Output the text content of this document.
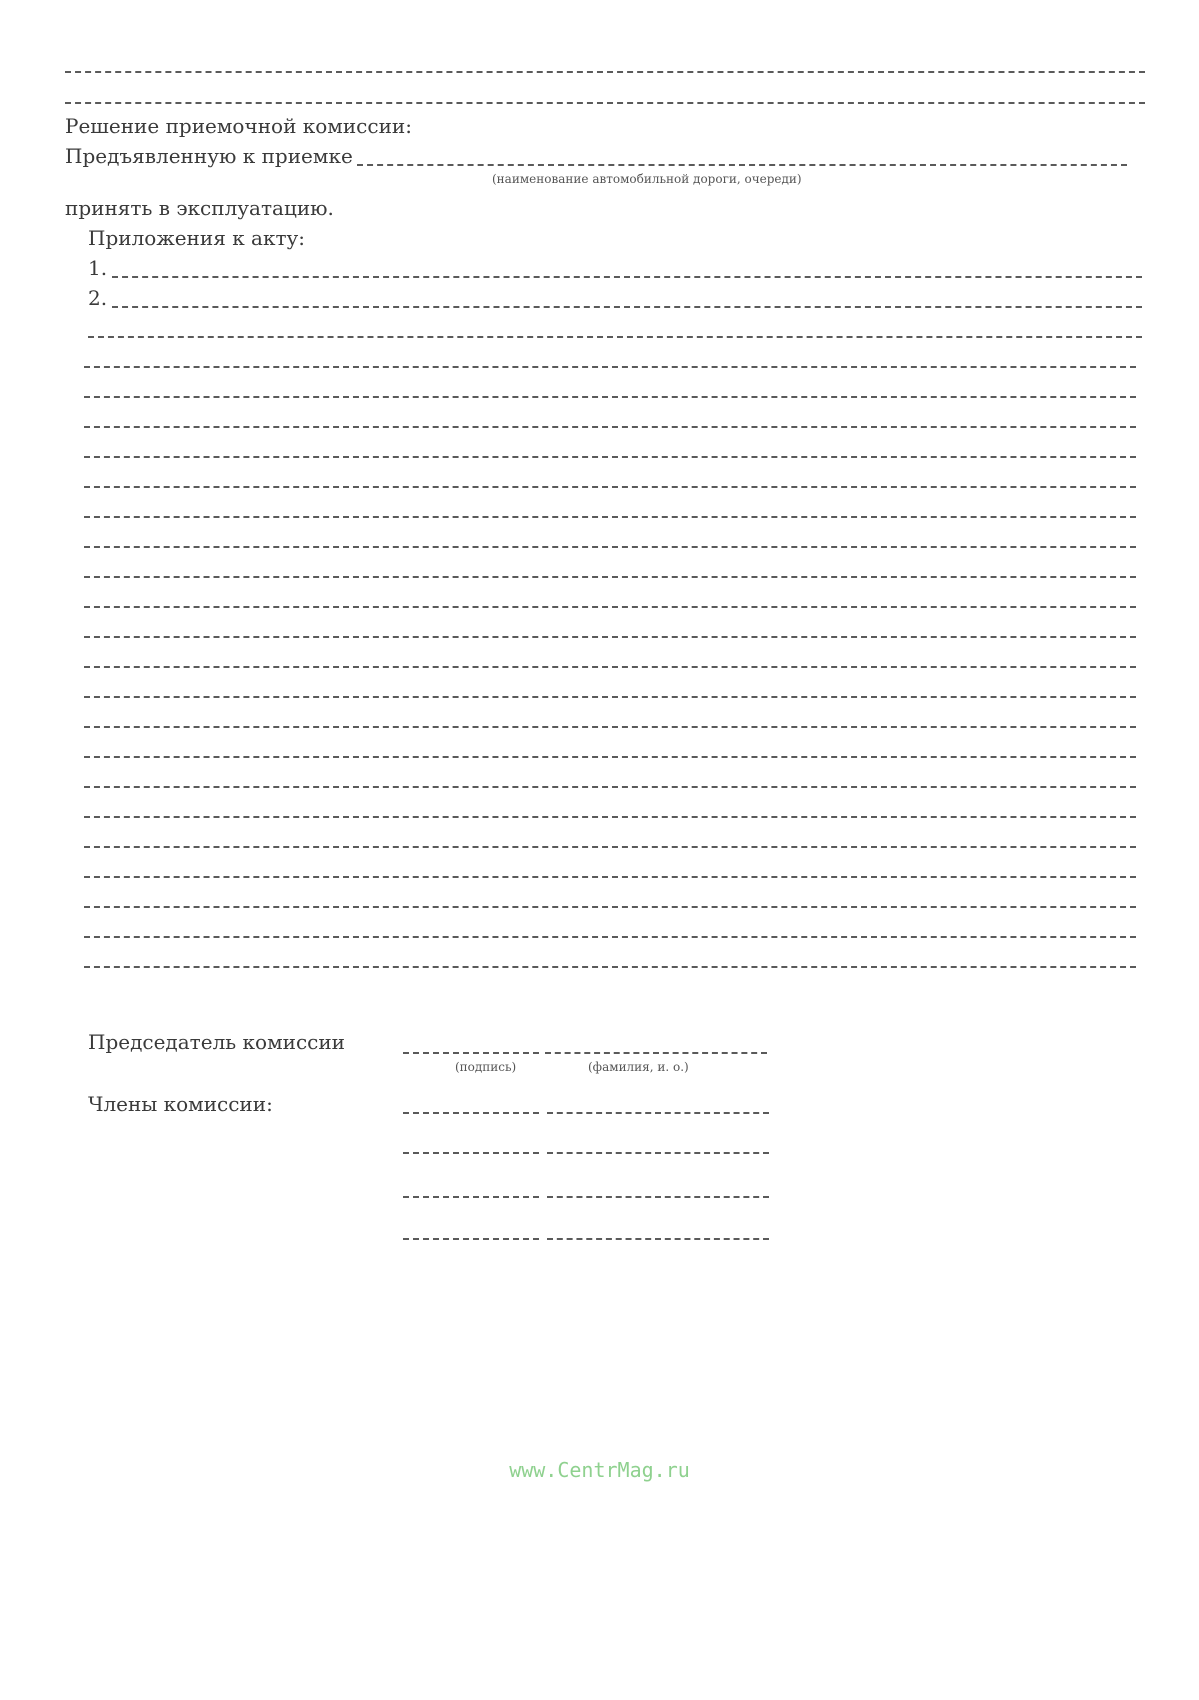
Решение приемочной комиссии:
Предъявленную к приемке
(наименование автомобильной дороги, очереди)
принять в эксплуатацию.
Приложения к акту:
1.
2.
Председатель комиссии
(подпись)	(фамилия, и. о.)
Члены комиссии:
www.CentrMag.ru
